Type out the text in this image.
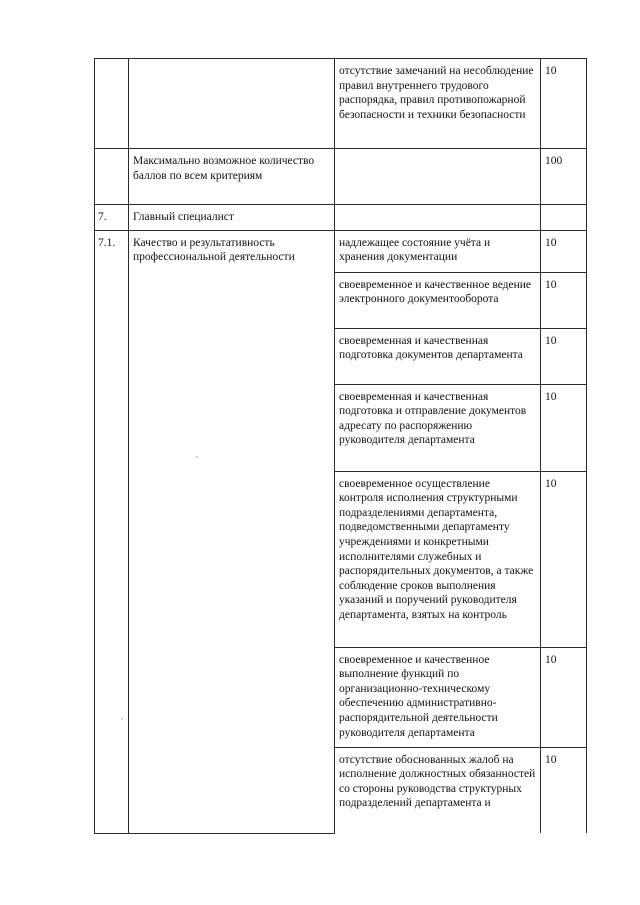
		отсутствие замечаний на несоблюдение правил внутреннего трудового распорядка, правил противопожарной безопасности и техники безопасности	10
	Максимально возможное количество баллов по всем критериям		100
7.	Главный специалист		
7.1.	Качество и результативность профессиональной деятельности	надлежащее состояние учёта и хранения документации	10
		своевременное и качественное ведение электронного документооборота	10
		своевременная и качественная подготовка документов департамента	10
		своевременная и качественная подготовка и отправление документов адресату по распоряжению руководителя департамента	10
		своевременное осуществление контроля исполнения структурными подразделениями департамента, подведомственными департаменту учреждениями и конкретными исполнителями служебных и распорядительных документов, а также соблюдение сроков выполнения указаний и поручений руководителя департамента, взятых на контроль	10
		своевременное и качественное выполнение функций по организационно-техническому обеспечению административно-распорядительной деятельности руководителя департамента	10
		отсутствие обоснованных жалоб на исполнение должностных обязанностей со стороны руководства структурных подразделений департамента и	10
